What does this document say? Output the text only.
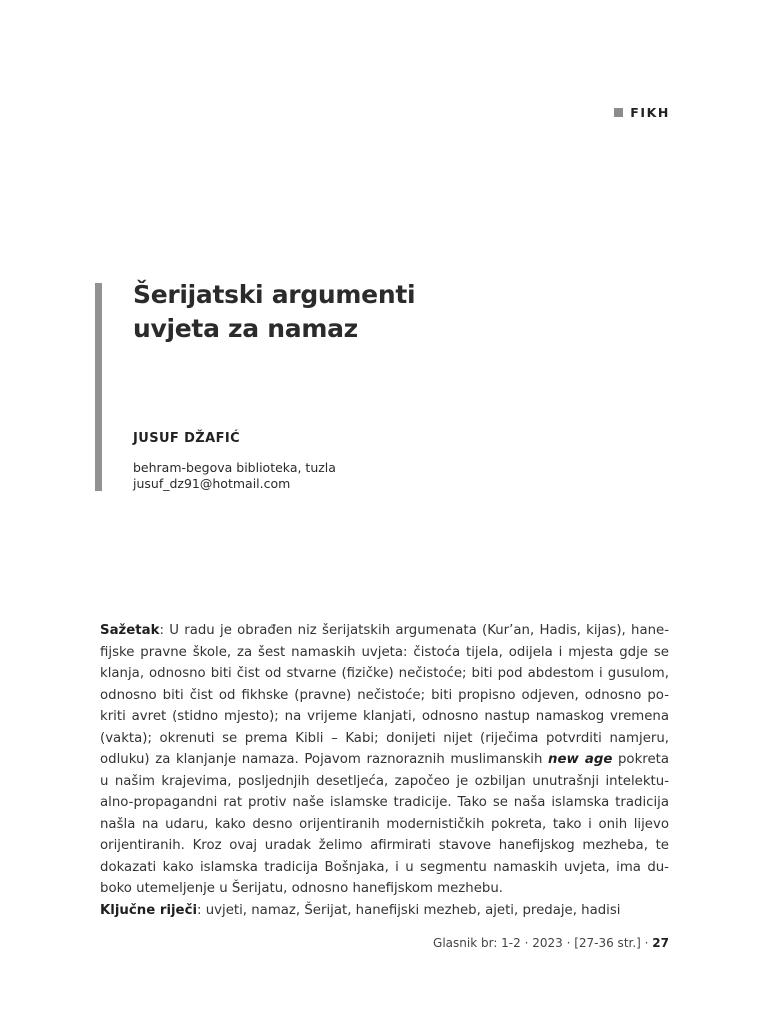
FIKH
Šerijatski argumenti
uvjeta za namaz
JUSUF DŽAFIĆ
behram-begova biblioteka, tuzla
jusuf_dz91@hotmail.com
Sažetak: U radu je obrađen niz šerijatskih argumenata (Kur’an, Hadis, kijas), hane-
fijske pravne škole, za šest namaskih uvjeta: čistoća tijela, odijela i mjesta gdje se
klanja, odnosno biti čist od stvarne (fizičke) nečistoće; biti pod abdestom i gusulom,
odnosno biti čist od fikhske (pravne) nečistoće; biti propisno odjeven, odnosno po-
kriti avret (stidno mjesto); na vrijeme klanjati, odnosno nastup namaskog vremena
(vakta); okrenuti se prema Kibli – Kabi; donijeti nijet (riječima potvrditi namjeru,
odluku) za klanjanje namaza. Pojavom raznoraznih muslimanskih new age pokreta
u našim krajevima, posljednjih desetljeća, započeo je ozbiljan unutrašnji intelektu-
alno-propagandni rat protiv naše islamske tradicije. Tako se naša islamska tradicija
našla na udaru, kako desno orijentiranih modernističkih pokreta, tako i onih lijevo
orijentiranih. Kroz ovaj uradak želimo afirmirati stavove hanefijskog mezheba, te
dokazati kako islamska tradicija Bošnjaka, i u segmentu namaskih uvjeta, ima du-
boko utemeljenje u Šerijatu, odnosno hanefijskom mezhebu.
Ključne riječi: uvjeti, namaz, Šerijat, hanefijski mezheb, ajeti, predaje, hadisi
Glasnik br: 1-2 · 2023 · [27-36 str.] · 27
